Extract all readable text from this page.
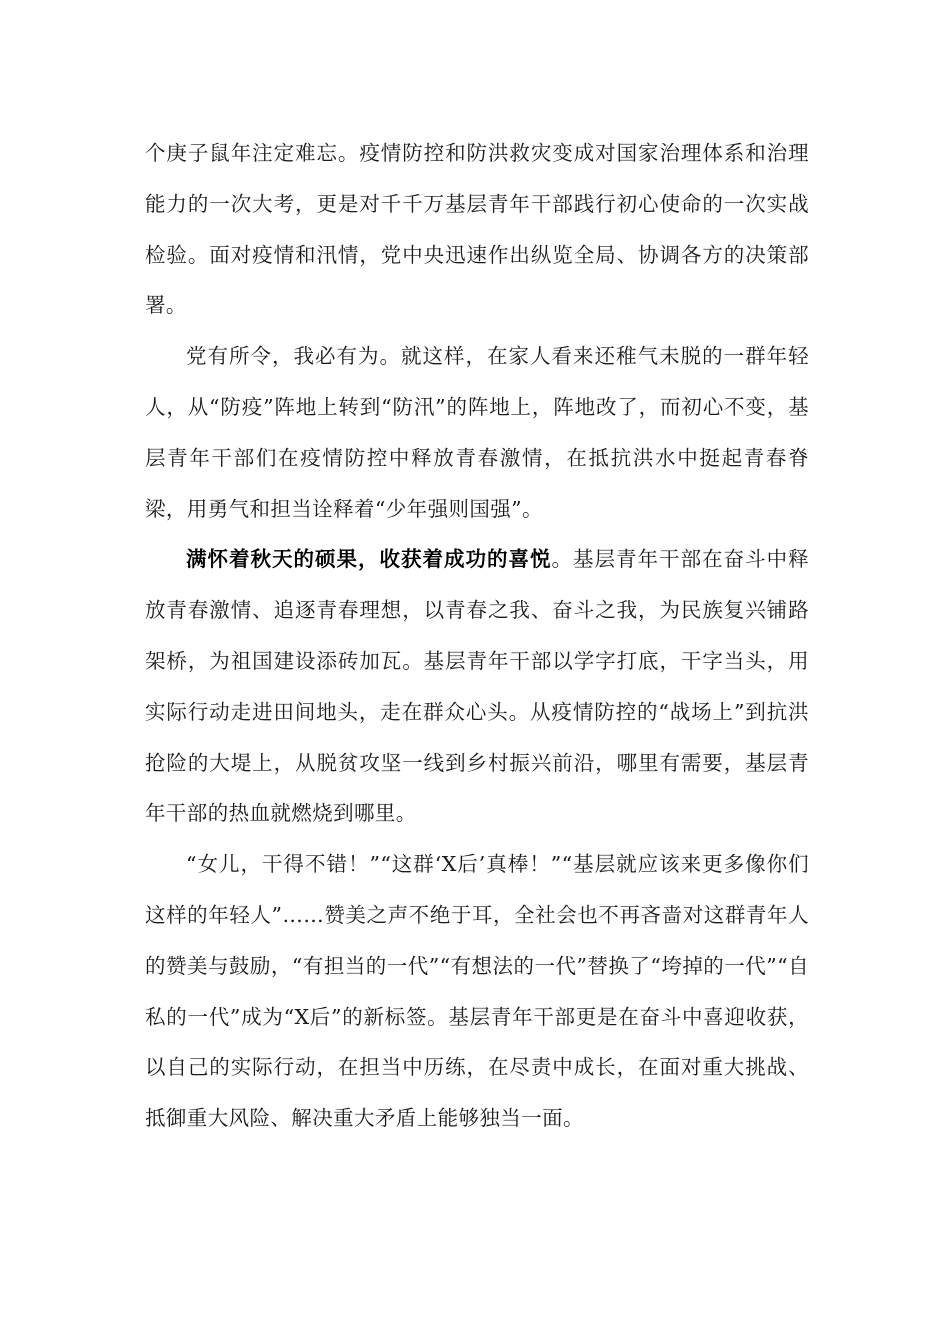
个庚子鼠年注定难忘。疫情防控和防洪救灾变成对国家治理体系和治理能力的一次大考，更是对千千万基层青年干部践行初心使命的一次实战检验。面对疫情和汛情，党中央迅速作出纵览全局、协调各方的决策部署。

党有所令，我必有为。就这样，在家人看来还稚气未脱的一群年轻人，从“防疫”阵地上转到“防汛”的阵地上，阵地改了，而初心不变，基层青年干部们在疫情防控中释放青春激情，在抵抗洪水中挺起青春脊梁，用勇气和担当诠释着“少年强则国强”。

满怀着秋天的硕果，收获着成功的喜悦。基层青年干部在奋斗中释放青春激情、追逐青春理想，以青春之我、奋斗之我，为民族复兴铺路架桥，为祖国建设添砖加瓦。基层青年干部以学字打底，干字当头，用实际行动走进田间地头，走在群众心头。从疫情防控的“战场上”到抗洪抢险的大堤上，从脱贫攻坚一线到乡村振兴前沿，哪里有需要，基层青年干部的热血就燃烧到哪里。

“女儿，干得不错！”“这群‘X后’真棒！”“基层就应该来更多像你们这样的年轻人”……赞美之声不绝于耳，全社会也不再吝啬对这群青年人的赞美与鼓励，“有担当的一代”“有想法的一代”替换了“垮掉的一代”“自私的一代”成为“X后”的新标签。基层青年干部更是在奋斗中喜迎收获，以自己的实际行动，在担当中历练，在尽责中成长，在面对重大挑战、抵御重大风险、解决重大矛盾上能够独当一面。
